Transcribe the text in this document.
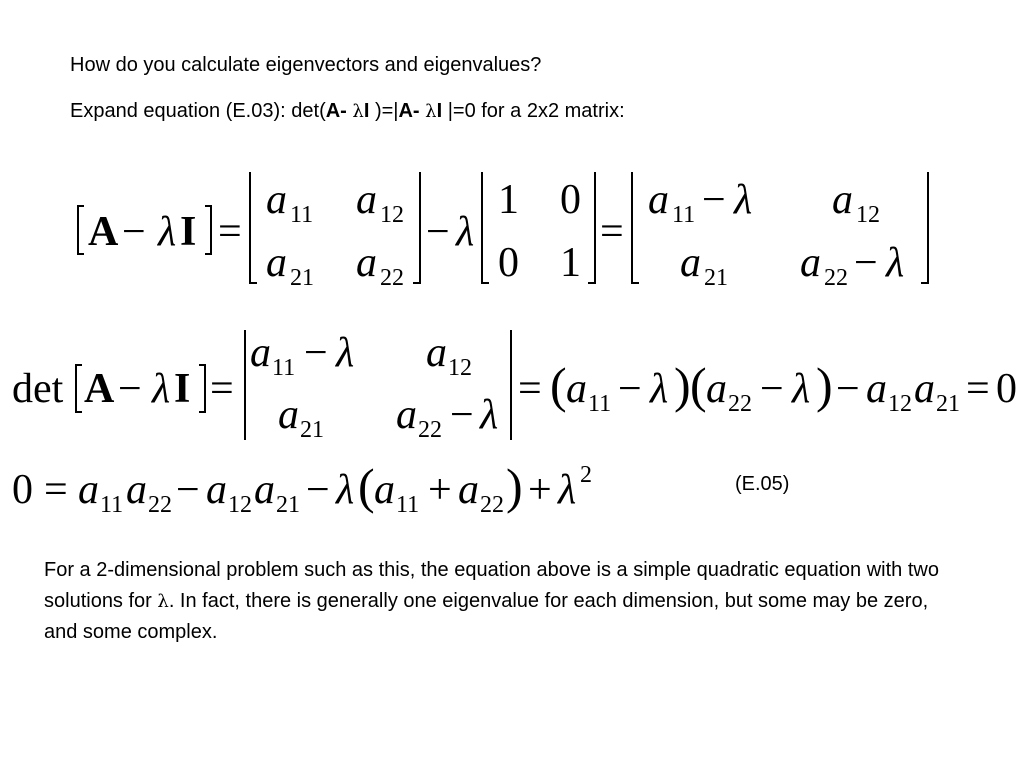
How do you calculate eigenvectors and eigenvalues?
Expand equation (E.03): det(A- λI )=|A- λI |=0 for a 2x2 matrix:
A − λ I =
a 11 a 12
a 21 a 22
− λ
1 0
0 1
=
a 11 − λ a 12
a 21 a 22 − λ
det A − λ I =
a 11 − λ a 12
a 21 a 22 − λ
= ( a 11 − λ ) ( a 22 − λ ) − a 12 a 21 = 0
0 = a 11 a 22 − a 12 a 21 − λ ( a 11 + a 22 ) + λ 2	(E.05)
For a 2-dimensional problem such as this, the equation above is a simple quadratic equation with two solutions for λ. In fact, there is generally one eigenvalue for each dimension, but some may be zero, and some complex.
